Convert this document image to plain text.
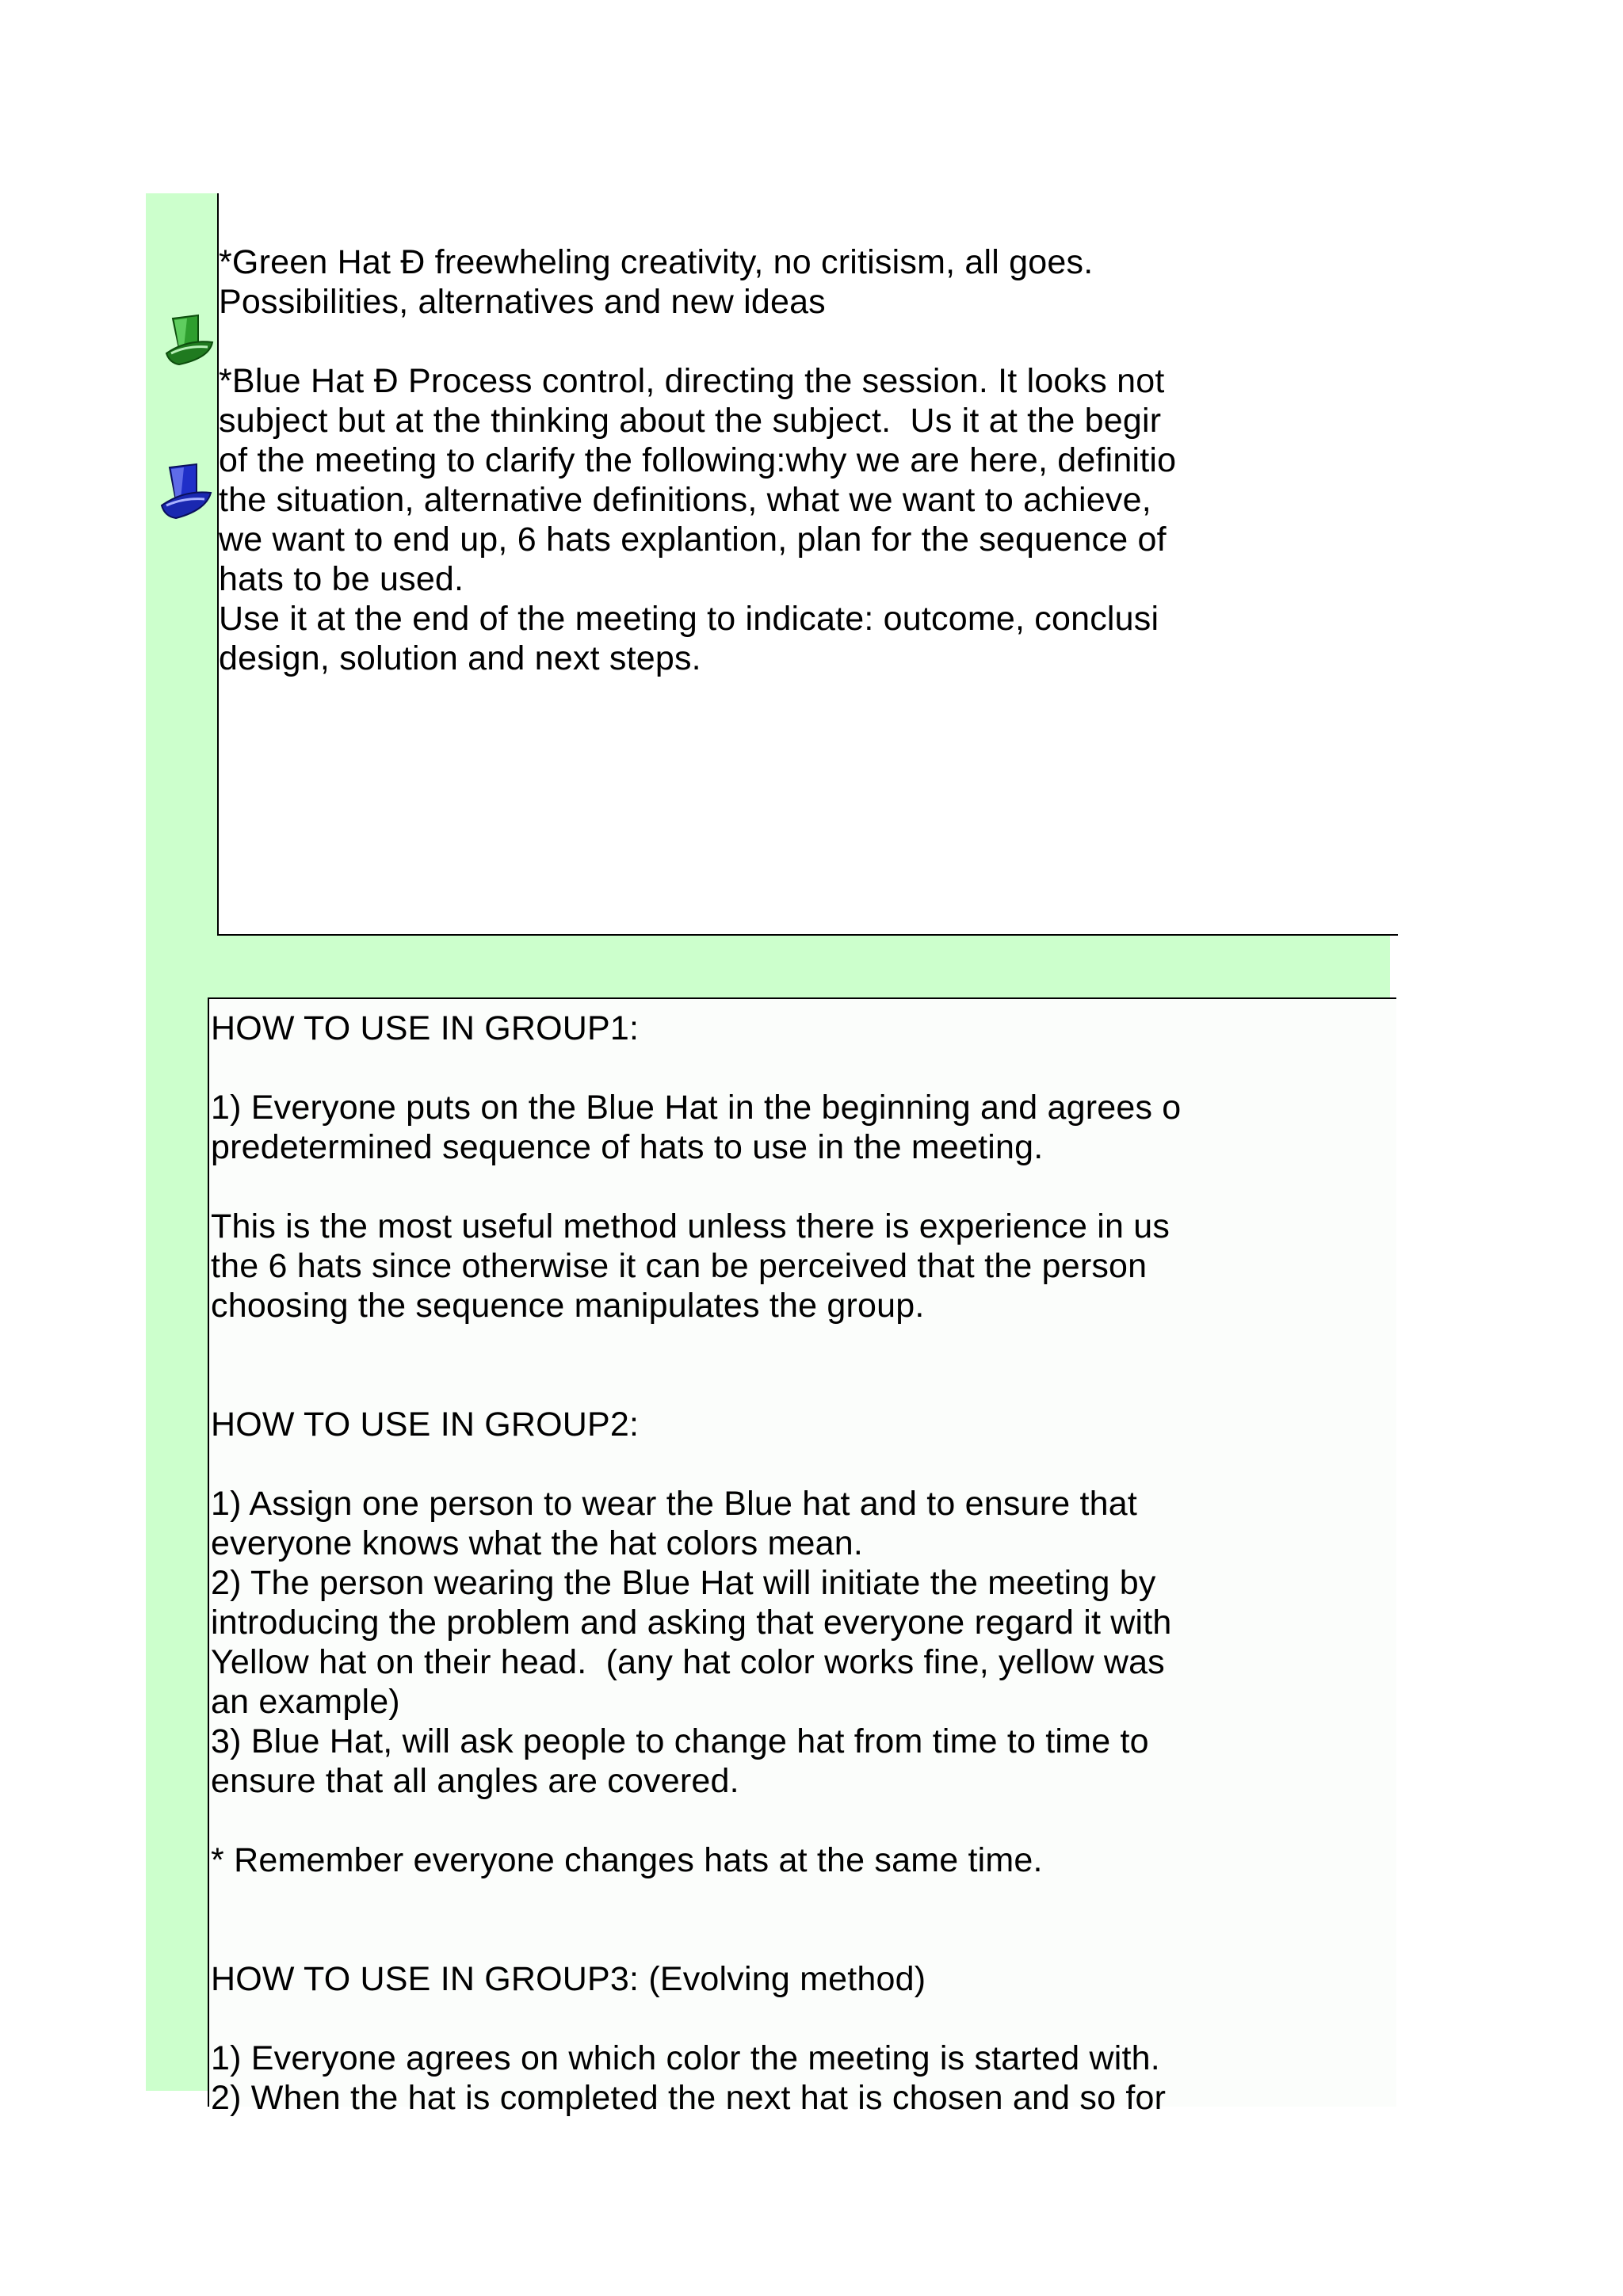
*Green Hat Đ freewheling creativity, no critisism, all goes.
Possibilities, alternatives and new ideas
*Blue Hat Đ Process control, directing the session. It looks not
subject but at the thinking about the subject.  Us it at the begir
of the meeting to clarify the following:why we are here, definitio
the situation, alternative definitions, what we want to achieve,
we want to end up, 6 hats explantion, plan for the sequence of
hats to be used.
Use it at the end of the meeting to indicate: outcome, conclusi
design, solution and next steps.
HOW TO USE IN GROUP1:
1) Everyone puts on the Blue Hat in the beginning and agrees o
predetermined sequence of hats to use in the meeting.
This is the most useful method unless there is experience in us
the 6 hats since otherwise it can be perceived that the person
choosing the sequence manipulates the group.
HOW TO USE IN GROUP2:
1) Assign one person to wear the Blue hat and to ensure that
everyone knows what the hat colors mean.
2) The person wearing the Blue Hat will initiate the meeting by
introducing the problem and asking that everyone regard it with
Yellow hat on their head.  (any hat color works fine, yellow was
an example)
3) Blue Hat, will ask people to change hat from time to time to
ensure that all angles are covered.
* Remember everyone changes hats at the same time.
HOW TO USE IN GROUP3: (Evolving method)
1) Everyone agrees on which color the meeting is started with.
2) When the hat is completed the next hat is chosen and so for
